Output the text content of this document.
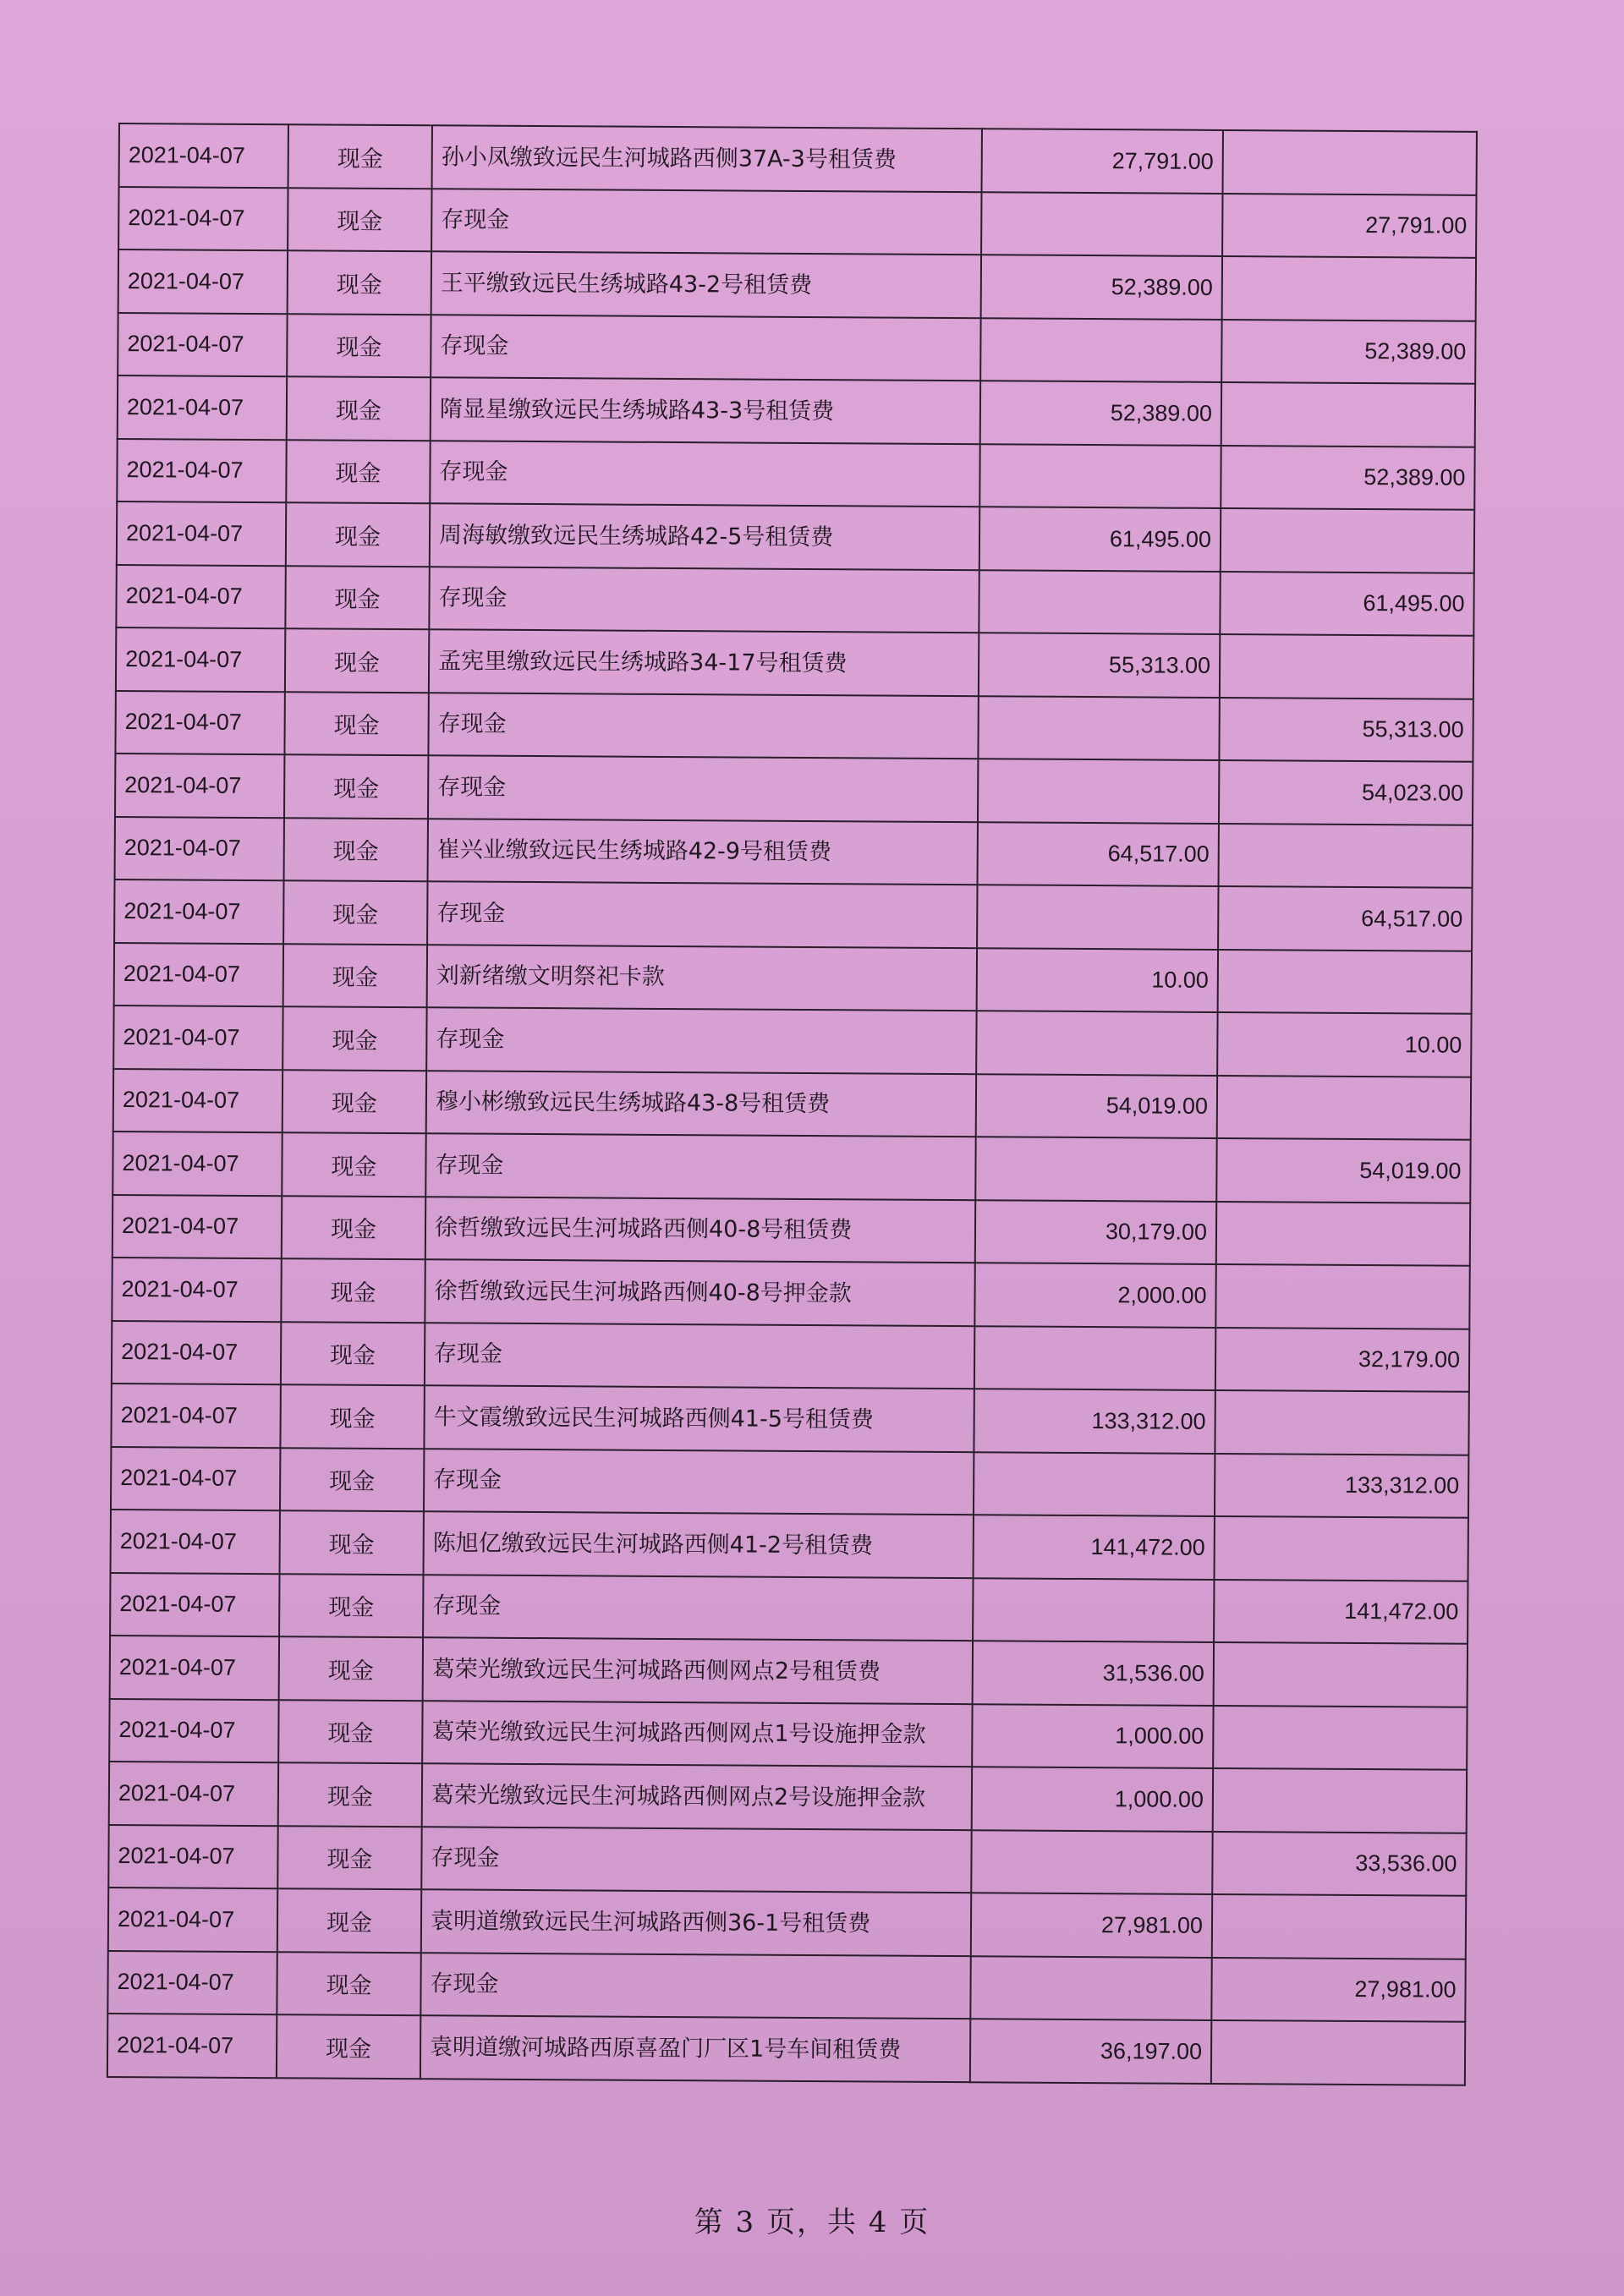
2021-04-07	现金	孙小凤缴致远民生河城路西侧37A-3号租赁费	27,791.00	
2021-04-07	现金	存现金		27,791.00
2021-04-07	现金	王平缴致远民生绣城路43-2号租赁费	52,389.00	
2021-04-07	现金	存现金		52,389.00
2021-04-07	现金	隋显星缴致远民生绣城路43-3号租赁费	52,389.00	
2021-04-07	现金	存现金		52,389.00
2021-04-07	现金	周海敏缴致远民生绣城路42-5号租赁费	61,495.00	
2021-04-07	现金	存现金		61,495.00
2021-04-07	现金	孟宪里缴致远民生绣城路34-17号租赁费	55,313.00	
2021-04-07	现金	存现金		55,313.00
2021-04-07	现金	存现金		54,023.00
2021-04-07	现金	崔兴业缴致远民生绣城路42-9号租赁费	64,517.00	
2021-04-07	现金	存现金		64,517.00
2021-04-07	现金	刘新绪缴文明祭祀卡款	10.00	
2021-04-07	现金	存现金		10.00
2021-04-07	现金	穆小彬缴致远民生绣城路43-8号租赁费	54,019.00	
2021-04-07	现金	存现金		54,019.00
2021-04-07	现金	徐哲缴致远民生河城路西侧40-8号租赁费	30,179.00	
2021-04-07	现金	徐哲缴致远民生河城路西侧40-8号押金款	2,000.00	
2021-04-07	现金	存现金		32,179.00
2021-04-07	现金	牛文霞缴致远民生河城路西侧41-5号租赁费	133,312.00	
2021-04-07	现金	存现金		133,312.00
2021-04-07	现金	陈旭亿缴致远民生河城路西侧41-2号租赁费	141,472.00	
2021-04-07	现金	存现金		141,472.00
2021-04-07	现金	葛荣光缴致远民生河城路西侧网点2号租赁费	31,536.00	
2021-04-07	现金	葛荣光缴致远民生河城路西侧网点1号设施押金款	1,000.00	
2021-04-07	现金	葛荣光缴致远民生河城路西侧网点2号设施押金款	1,000.00	
2021-04-07	现金	存现金		33,536.00
2021-04-07	现金	袁明道缴致远民生河城路西侧36-1号租赁费	27,981.00	
2021-04-07	现金	存现金		27,981.00
2021-04-07	现金	袁明道缴河城路西原喜盈门厂区1号车间租赁费	36,197.00	
第 3 页，共 4 页
